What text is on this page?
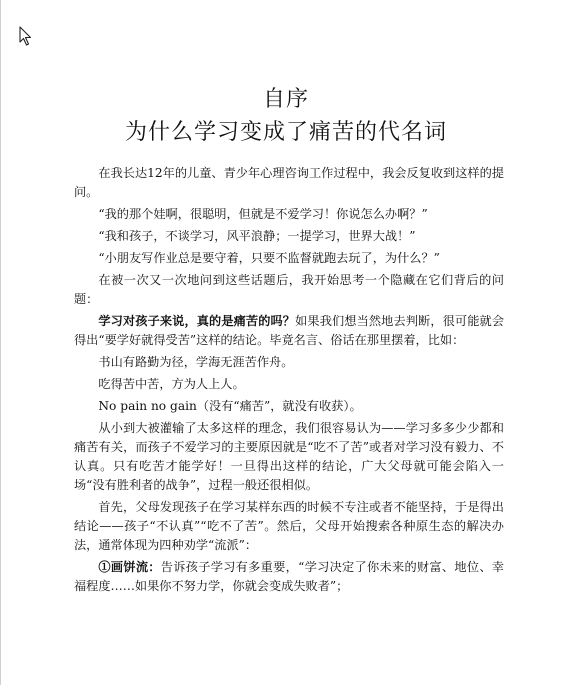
自序
为什么学习变成了痛苦的代名词

在我长达12年的儿童、青少年心理咨询工作过程中，我会反复收到这样的提问。

“我的那个娃啊，很聪明，但就是不爱学习！你说怎么办啊？”

“我和孩子，不谈学习，风平浪静；一提学习，世界大战！”

“小朋友写作业总是要守着，只要不监督就跑去玩了，为什么？”

在被一次又一次地问到这些话题后，我开始思考一个隐藏在它们背后的问题：

学习对孩子来说，真的是痛苦的吗？如果我们想当然地去判断，很可能就会得出“要学好就得受苦”这样的结论。毕竟名言、俗话在那里摆着，比如：

书山有路勤为径，学海无涯苦作舟。

吃得苦中苦，方为人上人。

No pain no gain（没有“痛苦”，就没有收获）。

从小到大被灌输了太多这样的理念，我们很容易认为——学习多多少少都和痛苦有关，而孩子不爱学习的主要原因就是“吃不了苦”或者对学习没有毅力、不认真。只有吃苦才能学好！一旦得出这样的结论，广大父母就可能会陷入一场“没有胜利者的战争”，过程一般还很相似。

首先，父母发现孩子在学习某样东西的时候不专注或者不能坚持，于是得出结论——孩子“不认真”“吃不了苦”。然后，父母开始搜索各种原生态的解决办法，通常体现为四种劝学“流派”：

①画饼流：告诉孩子学习有多重要，“学习决定了你未来的财富、地位、幸福程度……如果你不努力学，你就会变成失败者”；
